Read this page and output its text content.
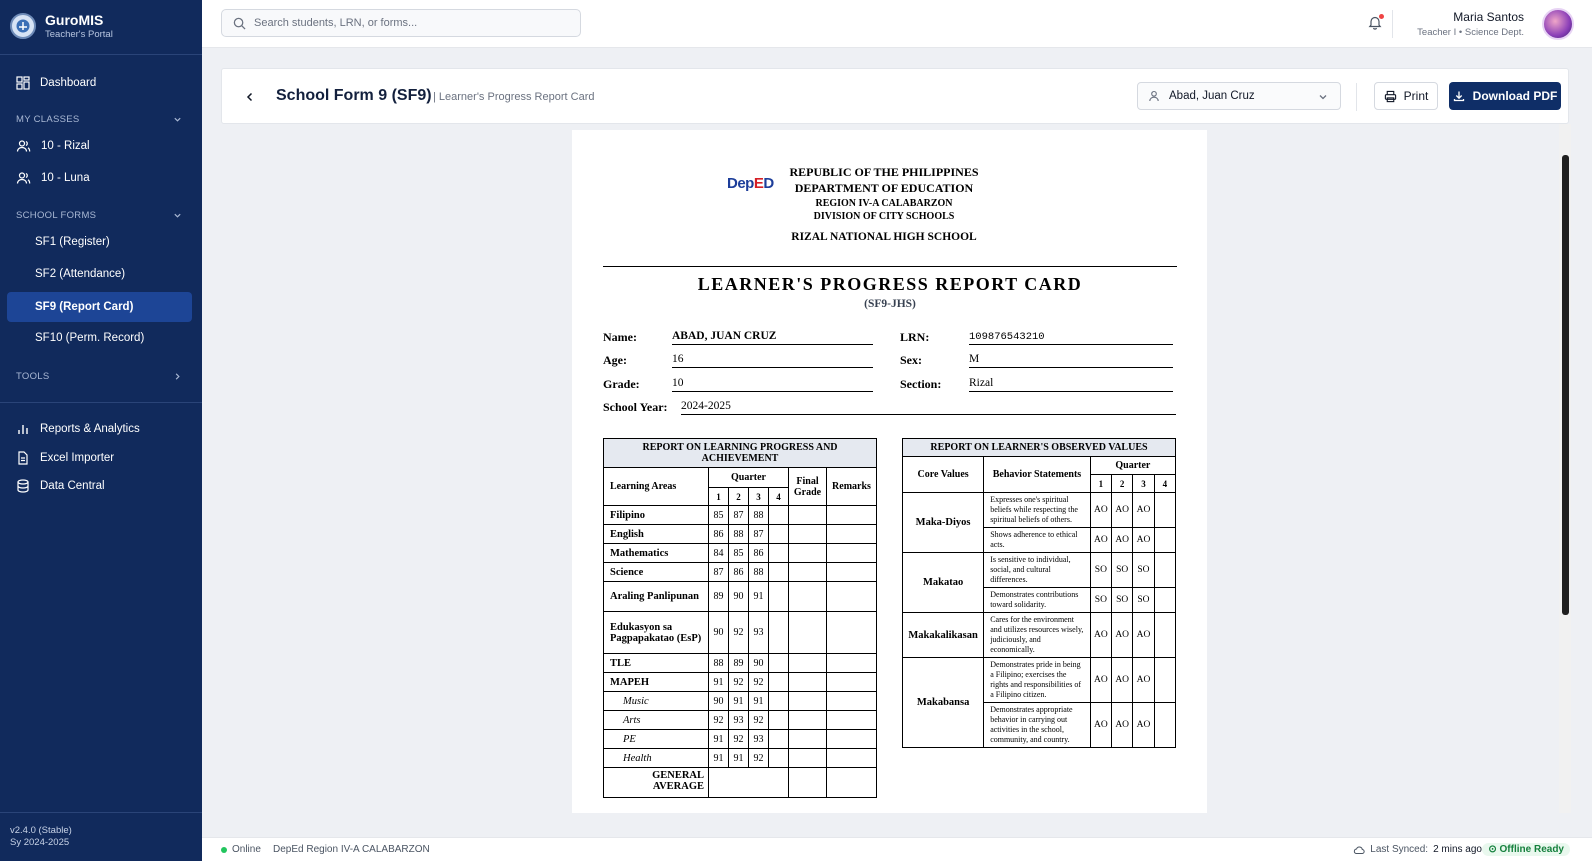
GuroMIS
Teacher's Portal
Dashboard
MY CLASSES
10 - Rizal
10 - Luna
SCHOOL FORMS
SF1 (Register)
SF2 (Attendance)
SF9 (Report Card)
SF10 (Perm. Record)
TOOLS
Reports & Analytics
Excel Importer
Data Central
v2.4.0 (Stable)
Sy 2024-2025
Search students, LRN, or forms...
Maria Santos
Teacher I • Science Dept.
School Form 9 (SF9) | Learner's Progress Report Card	Abad, Juan Cruz	Print	Download PDF
DepED
REPUBLIC OF THE PHILIPPINES
DEPARTMENT OF EDUCATION
REGION IV-A CALABARZON
DIVISION OF CITY SCHOOLS
RIZAL NATIONAL HIGH SCHOOL
LEARNER'S PROGRESS REPORT CARD
(SF9-JHS)
Name:	ABAD, JUAN CRUZ	LRN:	109876543210
Age:	16	Sex:	M
Grade:	10	Section: Rizal
School Year: 2024-2025
REPORT ON LEARNING PROGRESS AND ACHIEVEMENT						
Learning Areas	Quarter				Final Grade	Remarks
	1	2	3	4		
Filipino	85	87	88			
English	86	88	87			
Mathematics	84	85	86			
Science	87	86	88			
Araling Panlipunan	89	90	91			
Edukasyon sa Pagpapakatao (EsP)	90	92	93			
TLE	88	89	90			
MAPEH	91	92	92			
Music	90	91	91			
Arts	92	93	92			
PE	91	92	93			
Health	91	91	92			
GENERAL AVERAGE						
REPORT ON LEARNER'S OBSERVED VALUES					
Core Values	Behavior Statements	Quarter			
		1	2	3	4
Maka-Diyos	Expresses one's spiritual beliefs while respecting the spiritual beliefs of others.	AO	AO	AO	
	Shows adherence to ethical acts.	AO	AO	AO	
Makatao	Is sensitive to individual, social, and cultural differences.	SO	SO	SO	
	Demonstrates contributions toward solidarity.	SO	SO	SO	
Makakalikasan	Cares for the environment and utilizes resources wisely, judiciously, and economically.	AO	AO	AO	
Makabansa	Demonstrates pride in being a Filipino; exercises the rights and responsibilities of a Filipino citizen.	AO	AO	AO	
	Demonstrates appropriate behavior in carrying out activities in the school, community, and country.	AO	AO	AO	
Online DepEd Region IV-A CALABARZON	Last Synced: 2 mins ago ⊙ Offline Ready
